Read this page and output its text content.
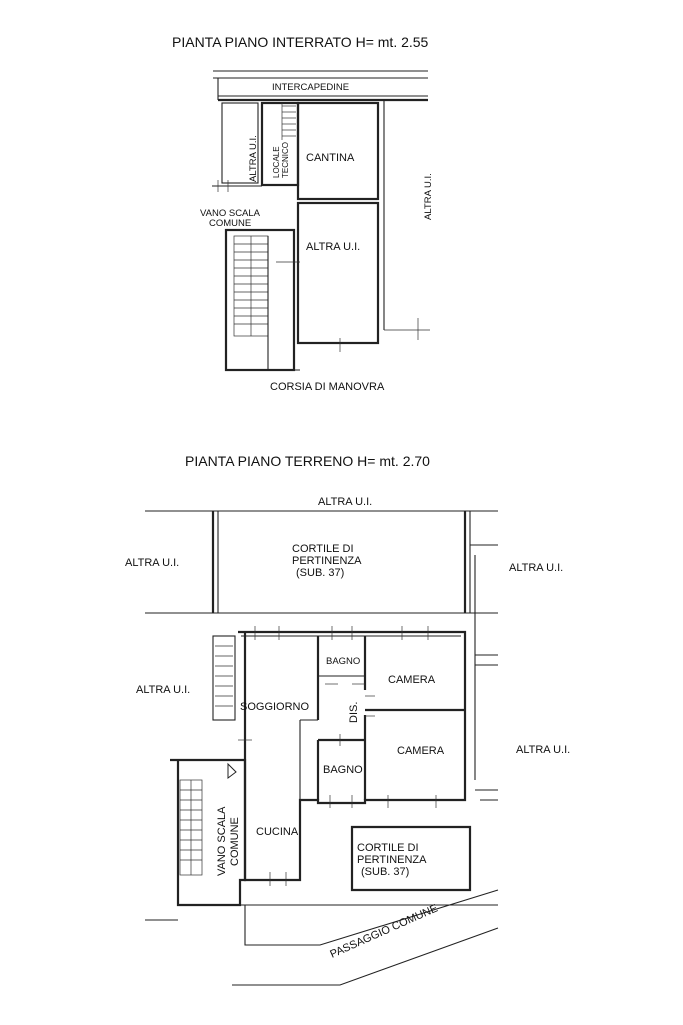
PIANTA PIANO INTERRATO H= mt. 2.55
INTERCAPEDINE
ALTRA U.I. LOCALE TECNICO CANTINA
ALTRA U.I.
VANO SCALA
COMUNE
ALTRA U.I.
CORSIA DI MANOVRA
PIANTA PIANO TERRENO H= mt. 2.70
ALTRA U.I.
ALTRA U.I.
CORTILE DI
PERTINENZA
(SUB. 37)	ALTRA U.I.
ALTRA U.I.
BAGNO
CAMERA
SOGGIORNO	DIS.
CAMERA	ALTRA U.I.
BAGNO
CUCINA
VANO SCALA COMUNE	CORTILE DI
PERTINENZA
(SUB. 37)
PASSAGGIO COMUNE
